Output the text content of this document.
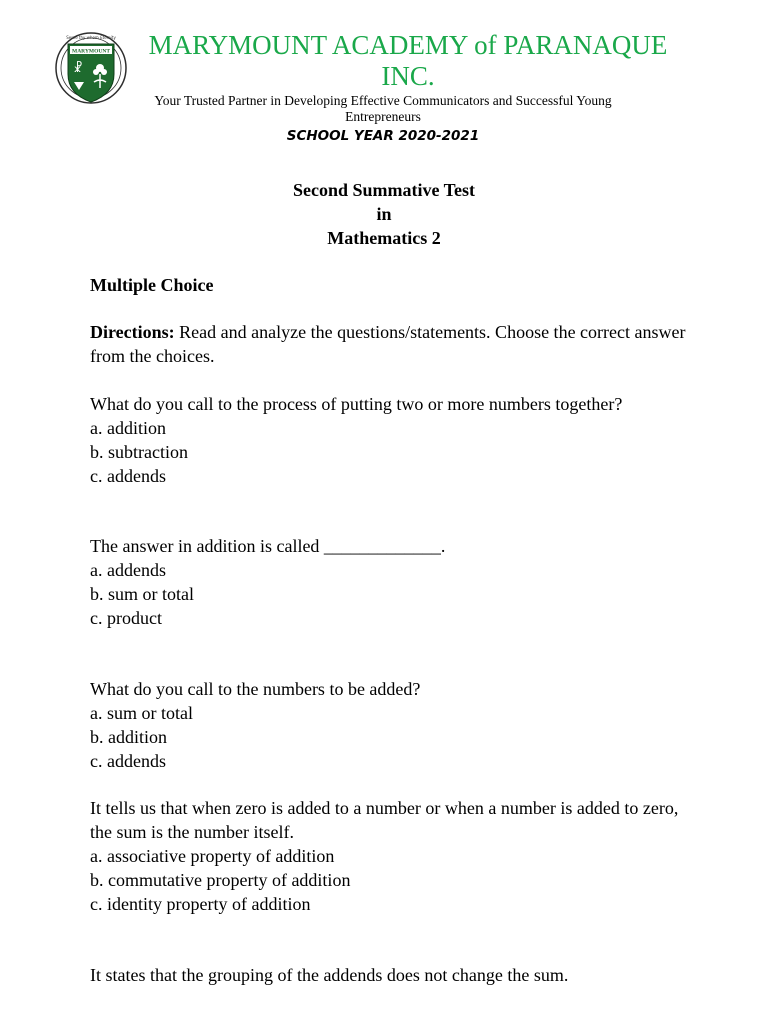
Serve thy whom Eternity
MARYMOUNT
☧
MARYMOUNT ACADEMY of PARANAQUE INC.
Your Trusted Partner in Developing Effective Communicators and Successful Young Entrepreneurs
SCHOOL YEAR 2020-2021
Second Summative Test
in
Mathematics 2
Multiple Choice
Directions: Read and analyze the questions/statements. Choose the correct answer from the choices.
What do you call to the process of putting two or more numbers together?
a. addition
b. subtraction
c. addends
The answer in addition is called _____________.
a. addends
b. sum or total
c. product
What do you call to the numbers to be added?
a. sum or total
b. addition
c. addends
It tells us that when zero is added to a number or when a number is added to zero, the sum is the number itself.
a. associative property of addition
b. commutative property of addition
c. identity property of addition
It states that the grouping of the addends does not change the sum.
